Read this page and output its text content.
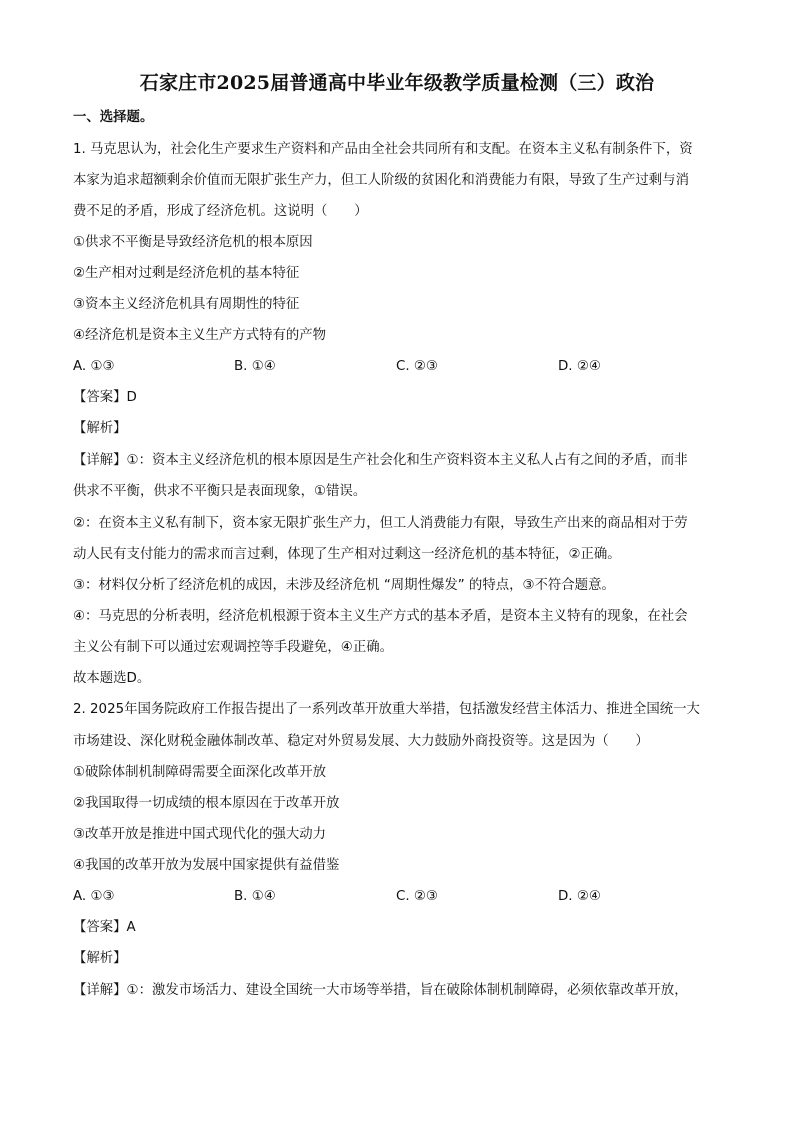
石家庄市2025届普通高中毕业年级教学质量检测（三）政治
一、选择题。
1. 马克思认为，社会化生产要求生产资料和产品由全社会共同所有和支配。在资本主义私有制条件下，资
本家为追求超额剩余价值而无限扩张生产力，但工人阶级的贫困化和消费能力有限，导致了生产过剩与消
费不足的矛盾，形成了经济危机。这说明（　　）
①供求不平衡是导致经济危机的根本原因
②生产相对过剩是经济危机的基本特征
③资本主义经济危机具有周期性的特征
④经济危机是资本主义生产方式特有的产物
A. ①③	B. ①④	C. ②③	D. ②④
【答案】D
【解析】
【详解】①：资本主义经济危机的根本原因是生产社会化和生产资料资本主义私人占有之间的矛盾，而非
供求不平衡，供求不平衡只是表面现象，①错误。
②：在资本主义私有制下，资本家无限扩张生产力，但工人消费能力有限，导致生产出来的商品相对于劳
动人民有支付能力的需求而言过剩，体现了生产相对过剩这一经济危机的基本特征，②正确。
③：材料仅分析了经济危机的成因，未涉及经济危机 “周期性爆发” 的特点，③不符合题意。
④：马克思的分析表明，经济危机根源于资本主义生产方式的基本矛盾，是资本主义特有的现象，在社会
主义公有制下可以通过宏观调控等手段避免，④正确。
故本题选D。
2. 2025年国务院政府工作报告提出了一系列改革开放重大举措，包括激发经营主体活力、推进全国统一大
市场建设、深化财税金融体制改革、稳定对外贸易发展、大力鼓励外商投资等。这是因为（　　）
①破除体制机制障碍需要全面深化改革开放
②我国取得一切成绩的根本原因在于改革开放
③改革开放是推进中国式现代化的强大动力
④我国的改革开放为发展中国家提供有益借鉴
A. ①③	B. ①④	C. ②③	D. ②④
【答案】A
【解析】
【详解】①：激发市场活力、建设全国统一大市场等举措，旨在破除体制机制障碍，必须依靠改革开放，
